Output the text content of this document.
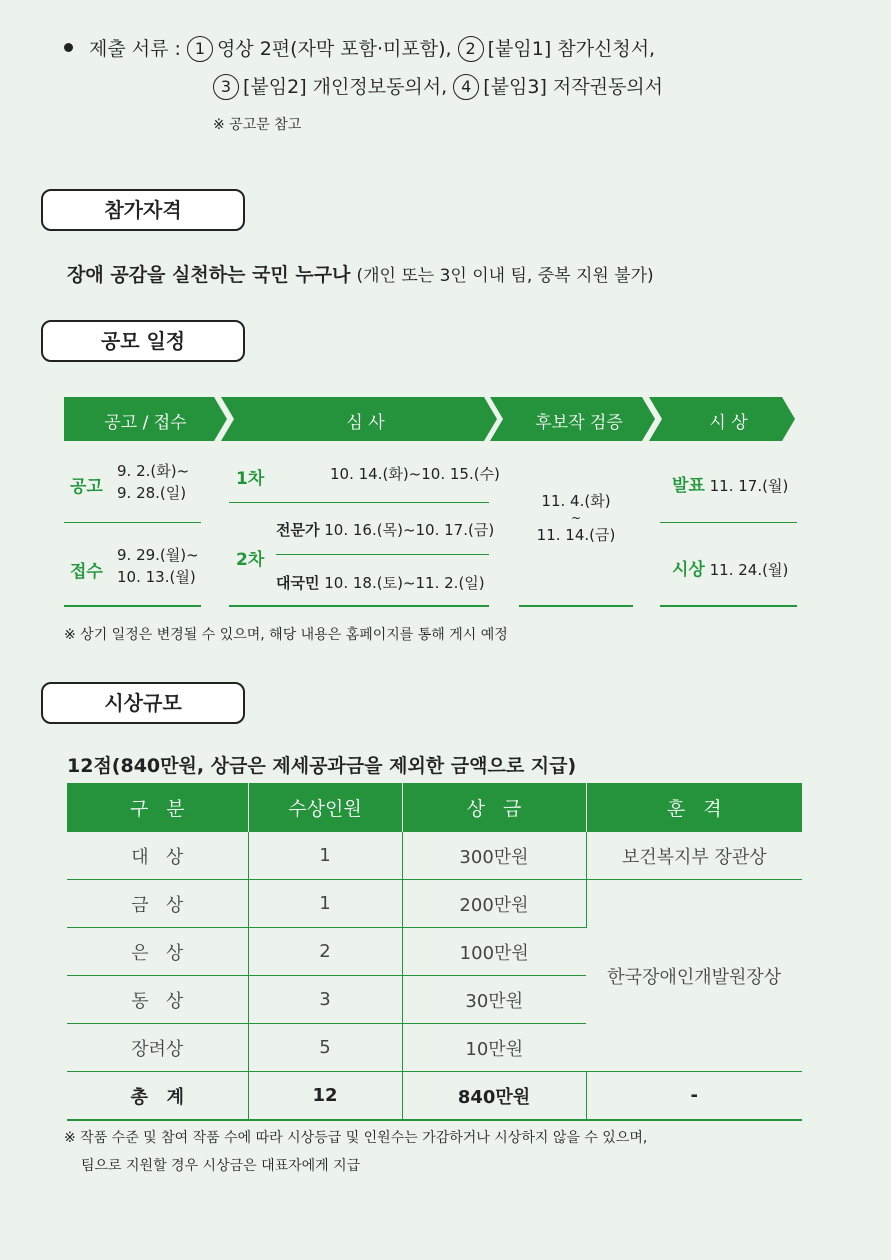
제출 서류 : 1 영상 2편(자막 포함·미포함), 2 [붙임1] 참가신청서,
3 [붙임2] 개인정보동의서, 4 [붙임3] 저작권동의서
※ 공고문 참고
참가자격
장애 공감을 실천하는 국민 누구나 (개인 또는 3인 이내 팀, 중복 지원 불가)
공모 일정
공고 / 접수	심 사	후보작 검증	시 상
공고
9. 2.(화)~
9. 28.(일)
접수
9. 29.(월)~
10. 13.(월)
1차	10. 14.(화)~10. 15.(수)
2차
전문가 10. 16.(목)~10. 17.(금)
대국민 10. 18.(토)~11. 2.(일)
11. 4.(화)
~
11. 14.(금)
발표 11. 17.(월)
시상 11. 24.(월)
※ 상기 일정은 변경될 수 있으며, 해당 내용은 홈페이지를 통해 게시 예정
시상규모
12점(840만원, 상금은 제세공과금을 제외한 금액으로 지급)
구   분	수상인원	상   금	훈   격
대   상	1	300만원	보건복지부 장관상
금   상	1	200만원	한국장애인개발원장상
은   상	2	100만원	
동   상	3	30만원	
장려상	5	10만원	
총   계	12	840만원	-
※ 작품 수준 및 참여 작품 수에 따라 시상등급 및 인원수는 가감하거나 시상하지 않을 수 있으며,
팀으로 지원할 경우 시상금은 대표자에게 지급
